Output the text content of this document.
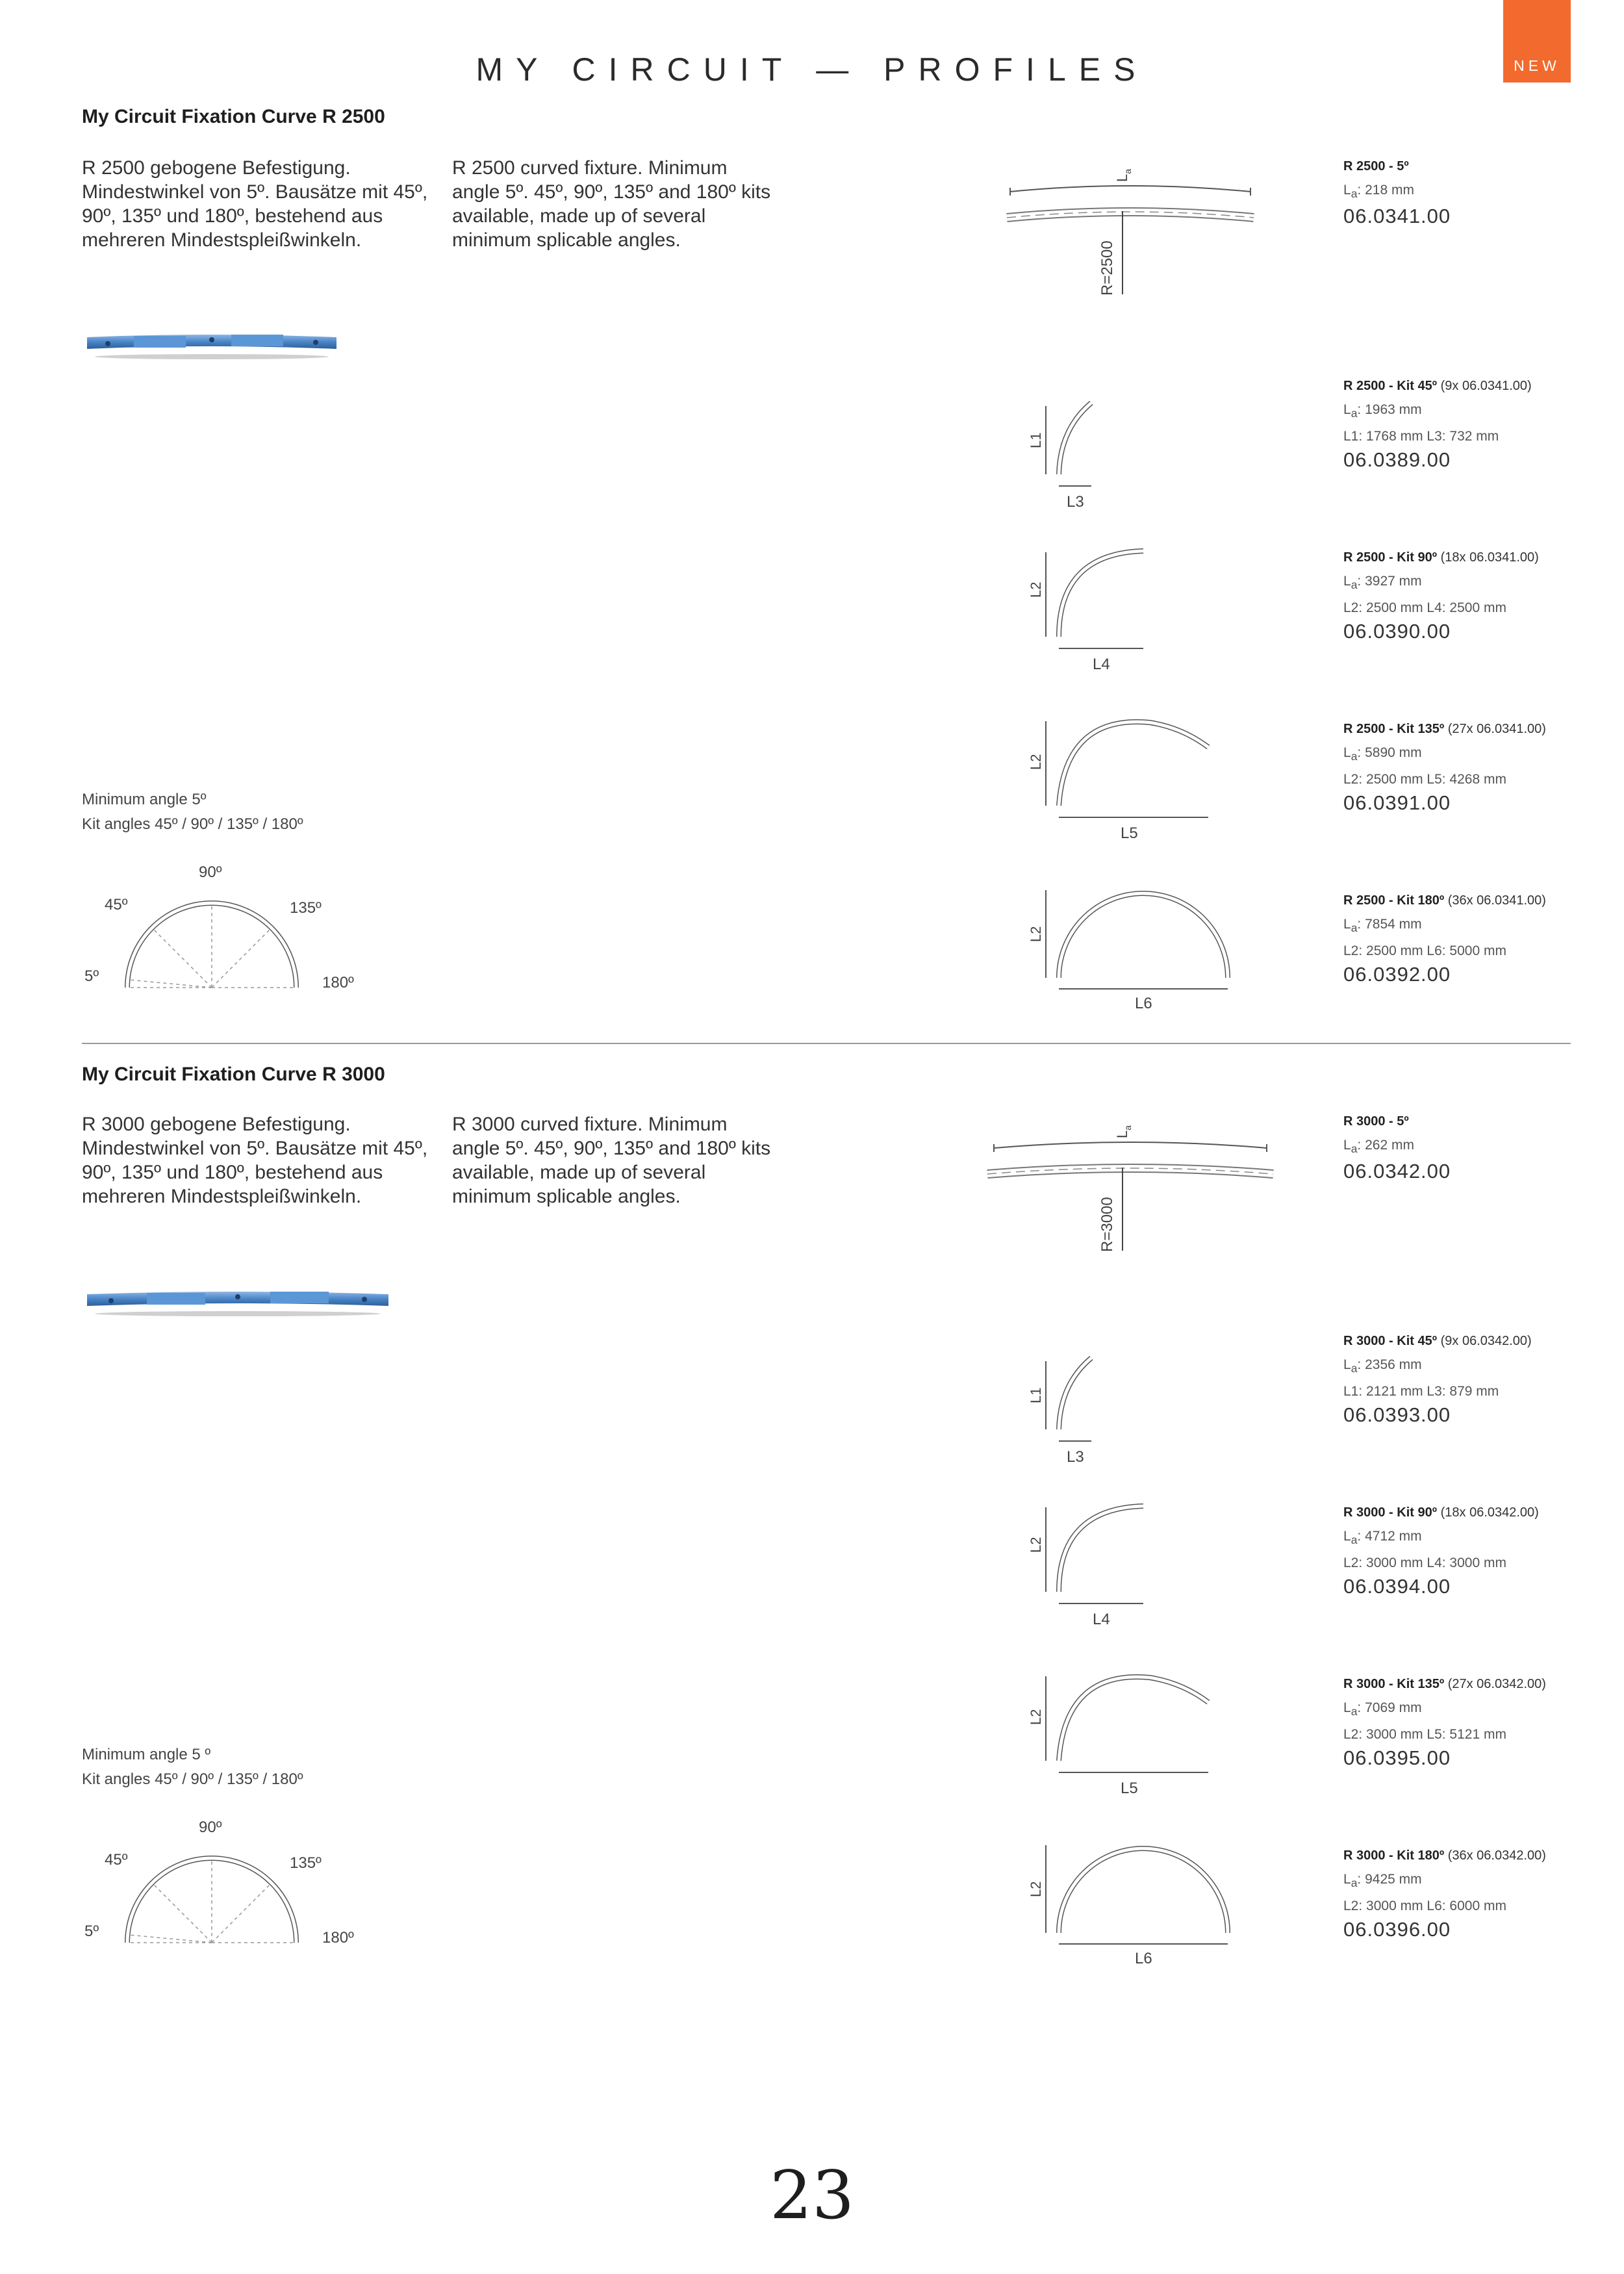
MY CIRCUIT — PROFILES	NEW
My Circuit Fixation Curve R 2500
R 2500 gebogene Befestigung. Mindestwinkel von 5º. Bausätze mit 45º, 90º, 135º und 180º, bestehend aus mehreren Mindestspleißwinkeln.
R 2500 curved fixture. Minimum angle 5º. 45º, 90º, 135º and 180º kits available, made up of several minimum splicable angles.
$L_a$
R=2500
L1
L3
L2
L4
L2
L5
L2
L6
R 2500 - 5º
$L_a$: 218 mm
06.0341.00
R 2500 - Kit 45º (9x 06.0341.00)
$L_a$: 1963 mm
L1: 1768 mm L3: 732 mm
06.0389.00
R 2500 - Kit 90º (18x 06.0341.00)
$L_a$: 3927 mm
L2: 2500 mm L4: 2500 mm
06.0390.00
R 2500 - Kit 135º (27x 06.0341.00)
$L_a$: 5890 mm
L2: 2500 mm L5: 4268 mm
06.0391.00
R 2500 - Kit 180º (36x 06.0341.00)
$L_a$: 7854 mm
L2: 2500 mm L6: 5000 mm
06.0392.00
Minimum angle 5º
Kit angles 45º / 90º / 135º / 180º
90º
45º	135º
5º	180º
My Circuit Fixation Curve R 3000
R 3000 gebogene Befestigung. Mindestwinkel von 5º. Bausätze mit 45º, 90º, 135º und 180º, bestehend aus mehreren Mindestspleißwinkeln.
R 3000 curved fixture. Minimum angle 5º. 45º, 90º, 135º and 180º kits available, made up of several minimum splicable angles.
$L_a$
R=3000
L1
L3
L2
L4
L2
L5
L2
L6
R 3000 - 5º
$L_a$: 262 mm
06.0342.00
R 3000 - Kit 45º (9x 06.0342.00)
$L_a$: 2356 mm
L1: 2121 mm L3: 879 mm
06.0393.00
R 3000 - Kit 90º (18x 06.0342.00)
$L_a$: 4712 mm
L2: 3000 mm L4: 3000 mm
06.0394.00
R 3000 - Kit 135º (27x 06.0342.00)
$L_a$: 7069 mm
L2: 3000 mm L5: 5121 mm
06.0395.00
R 3000 - Kit 180º (36x 06.0342.00)
$L_a$: 9425 mm
L2: 3000 mm L6: 6000 mm
06.0396.00
Minimum angle 5 º
Kit angles 45º / 90º / 135º / 180º
90º
45º	135º
5º	180º
23
